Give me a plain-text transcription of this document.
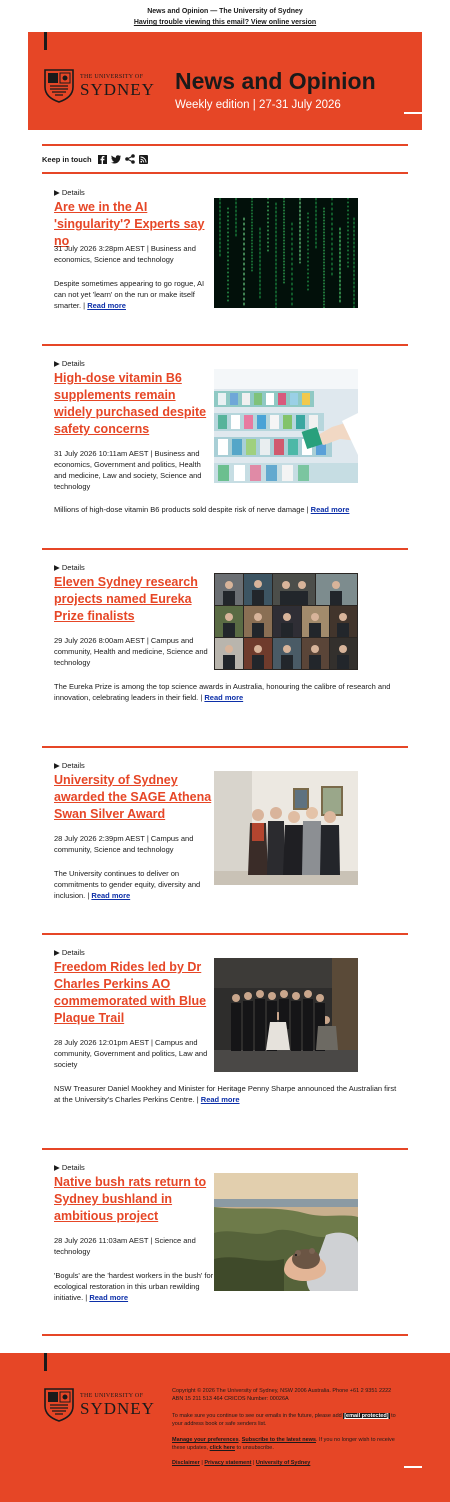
News and Opinion — The University of Sydney
Having trouble viewing this email? View online version
THE UNIVERSITY OF
SYDNEY News and Opinion
Weekly edition | 27-31 July 2026
Keep in touch
▶ Details
Are we in the AI 'singularity'? Experts say no
31 July 2026 3:28pm AEST | Business and economics, Science and technology
Despite sometimes appearing to go rogue, AI can not yet 'learn' on the run or make itself smarter. | Read more
▶ Details
High-dose vitamin B6 supplements remain widely purchased despite safety concerns
31 July 2026 10:11am AEST | Business and economics, Government and politics, Health and medicine, Law and society, Science and technology
Millions of high-dose vitamin B6 products sold despite risk of nerve damage | Read more
▶ Details
Eleven Sydney research projects named Eureka Prize finalists
29 July 2026 8:00am AEST | Campus and community, Health and medicine, Science and technology
The Eureka Prize is among the top science awards in Australia, honouring the calibre of research and innovation, celebrating leaders in their field. | Read more
▶ Details
University of Sydney awarded the SAGE Athena Swan Silver Award
28 July 2026 2:39pm AEST | Campus and community, Science and technology
The University continues to deliver on commitments to gender equity, diversity and inclusion. | Read more
▶ Details
Freedom Rides led by Dr Charles Perkins AO commemorated with Blue Plaque Trail
28 July 2026 12:01pm AEST | Campus and community, Government and politics, Law and society
NSW Treasurer Daniel Mookhey and Minister for Heritage Penny Sharpe announced the Australian first at the University's Charles Perkins Centre. | Read more
▶ Details
Native bush rats return to Sydney bushland in ambitious project
28 July 2026 11:03am AEST | Science and technology
'Boguls' are the 'hardest workers in the bush' for ecological restoration in this urban rewilding initiative. | Read more
THE UNIVERSITY OF
SYDNEY
Copyright © 2026 The University of Sydney, NSW 2006 Australia. Phone +61 2 9351 2222
ABN 15 211 513 464 CRICOS Number: 00026A
To make sure you continue to see our emails in the future, please add [email protected] to your address book or safe senders list.
Manage your preferences. Subscribe to the latest news. If you no longer wish to receive these updates, click here to unsubscribe.
Disclaimer | Privacy statement | University of Sydney
